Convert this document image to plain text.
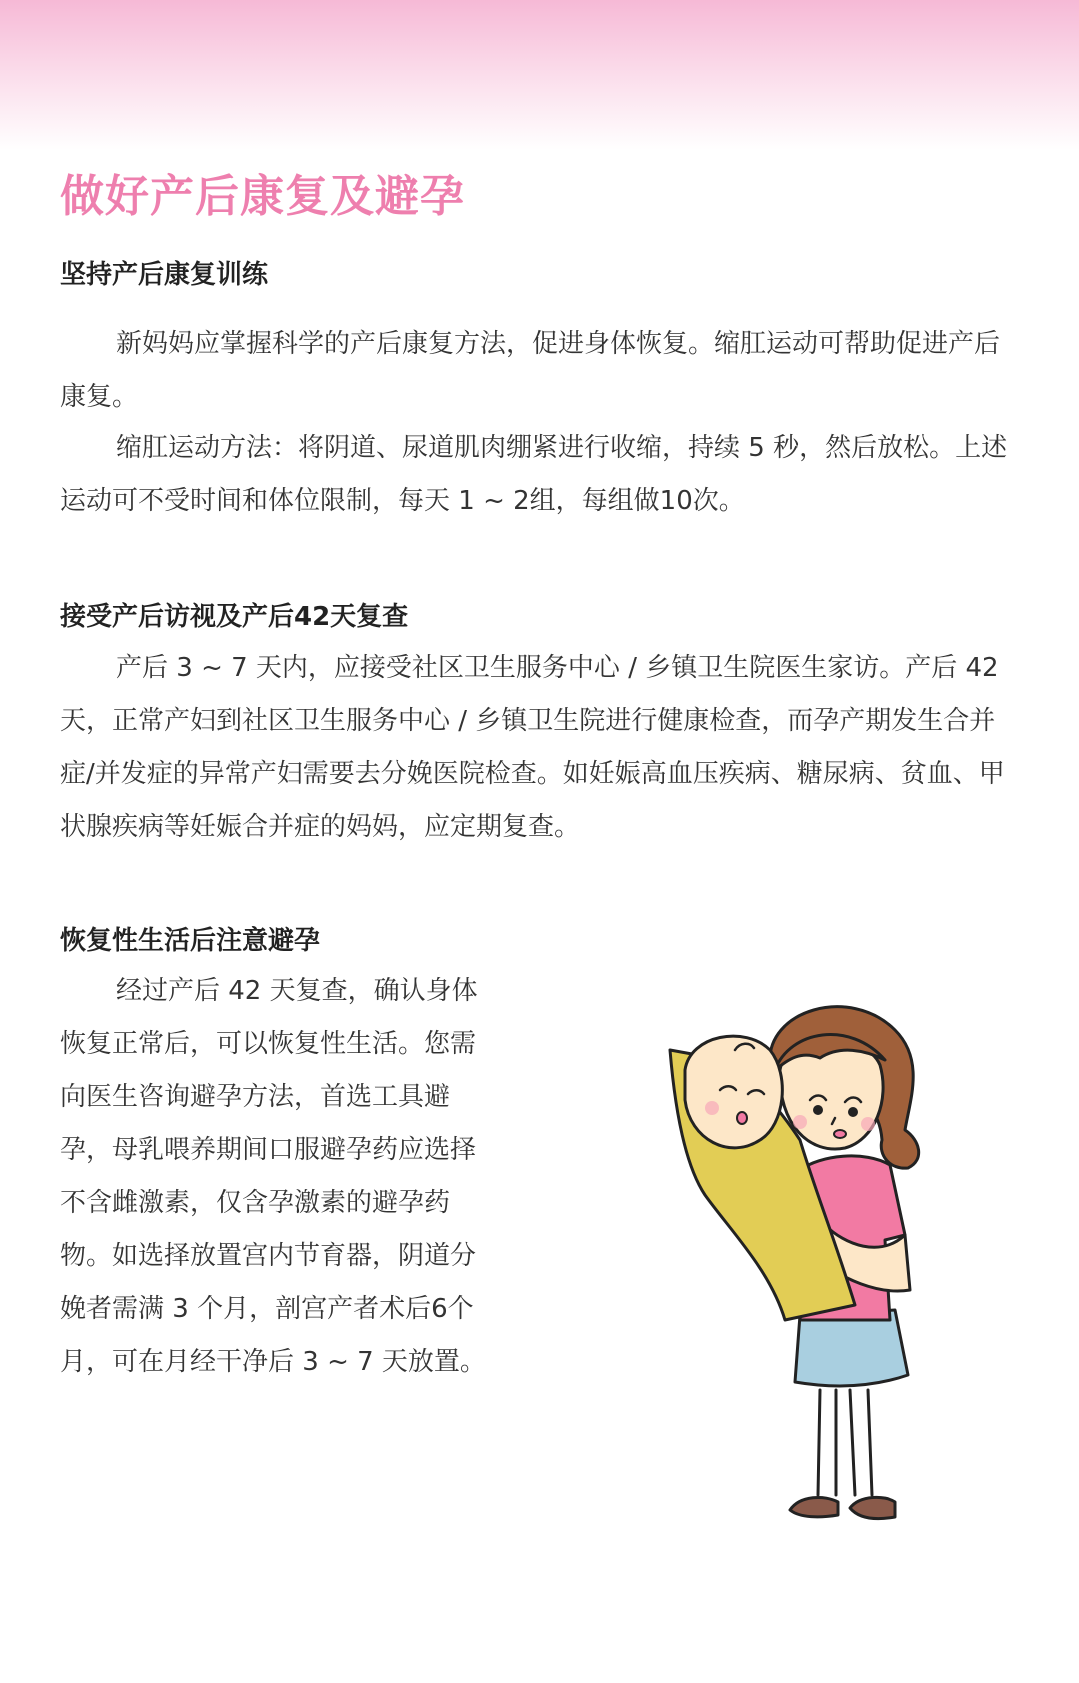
做好产后康复及避孕
坚持产后康复训练

新妈妈应掌握科学的产后康复方法，促进身体恢复。缩肛运动可帮助促进产后康复。

缩肛运动方法：将阴道、尿道肌肉绷紧进行收缩，持续 5 秒，然后放松。上述运动可不受时间和体位限制，每天 1 ~ 2组，每组做10次。

接受产后访视及产后42天复查

产后 3 ~ 7 天内，应接受社区卫生服务中心 / 乡镇卫生院医生家访。产后 42 天，正常产妇到社区卫生服务中心 / 乡镇卫生院进行健康检查，而孕产期发生合并症/并发症的异常产妇需要去分娩医院检查。如妊娠高血压疾病、糖尿病、贫血、甲状腺疾病等妊娠合并症的妈妈，应定期复查。

恢复性生活后注意避孕

经过产后 42 天复查，确认身体恢复正常后，可以恢复性生活。您需向医生咨询避孕方法，首选工具避孕，母乳喂养期间口服避孕药应选择不含雌激素，仅含孕激素的避孕药物。如选择放置宫内节育器，阴道分娩者需满 3 个月，剖宫产者术后6个月，可在月经干净后 3 ~ 7 天放置。
